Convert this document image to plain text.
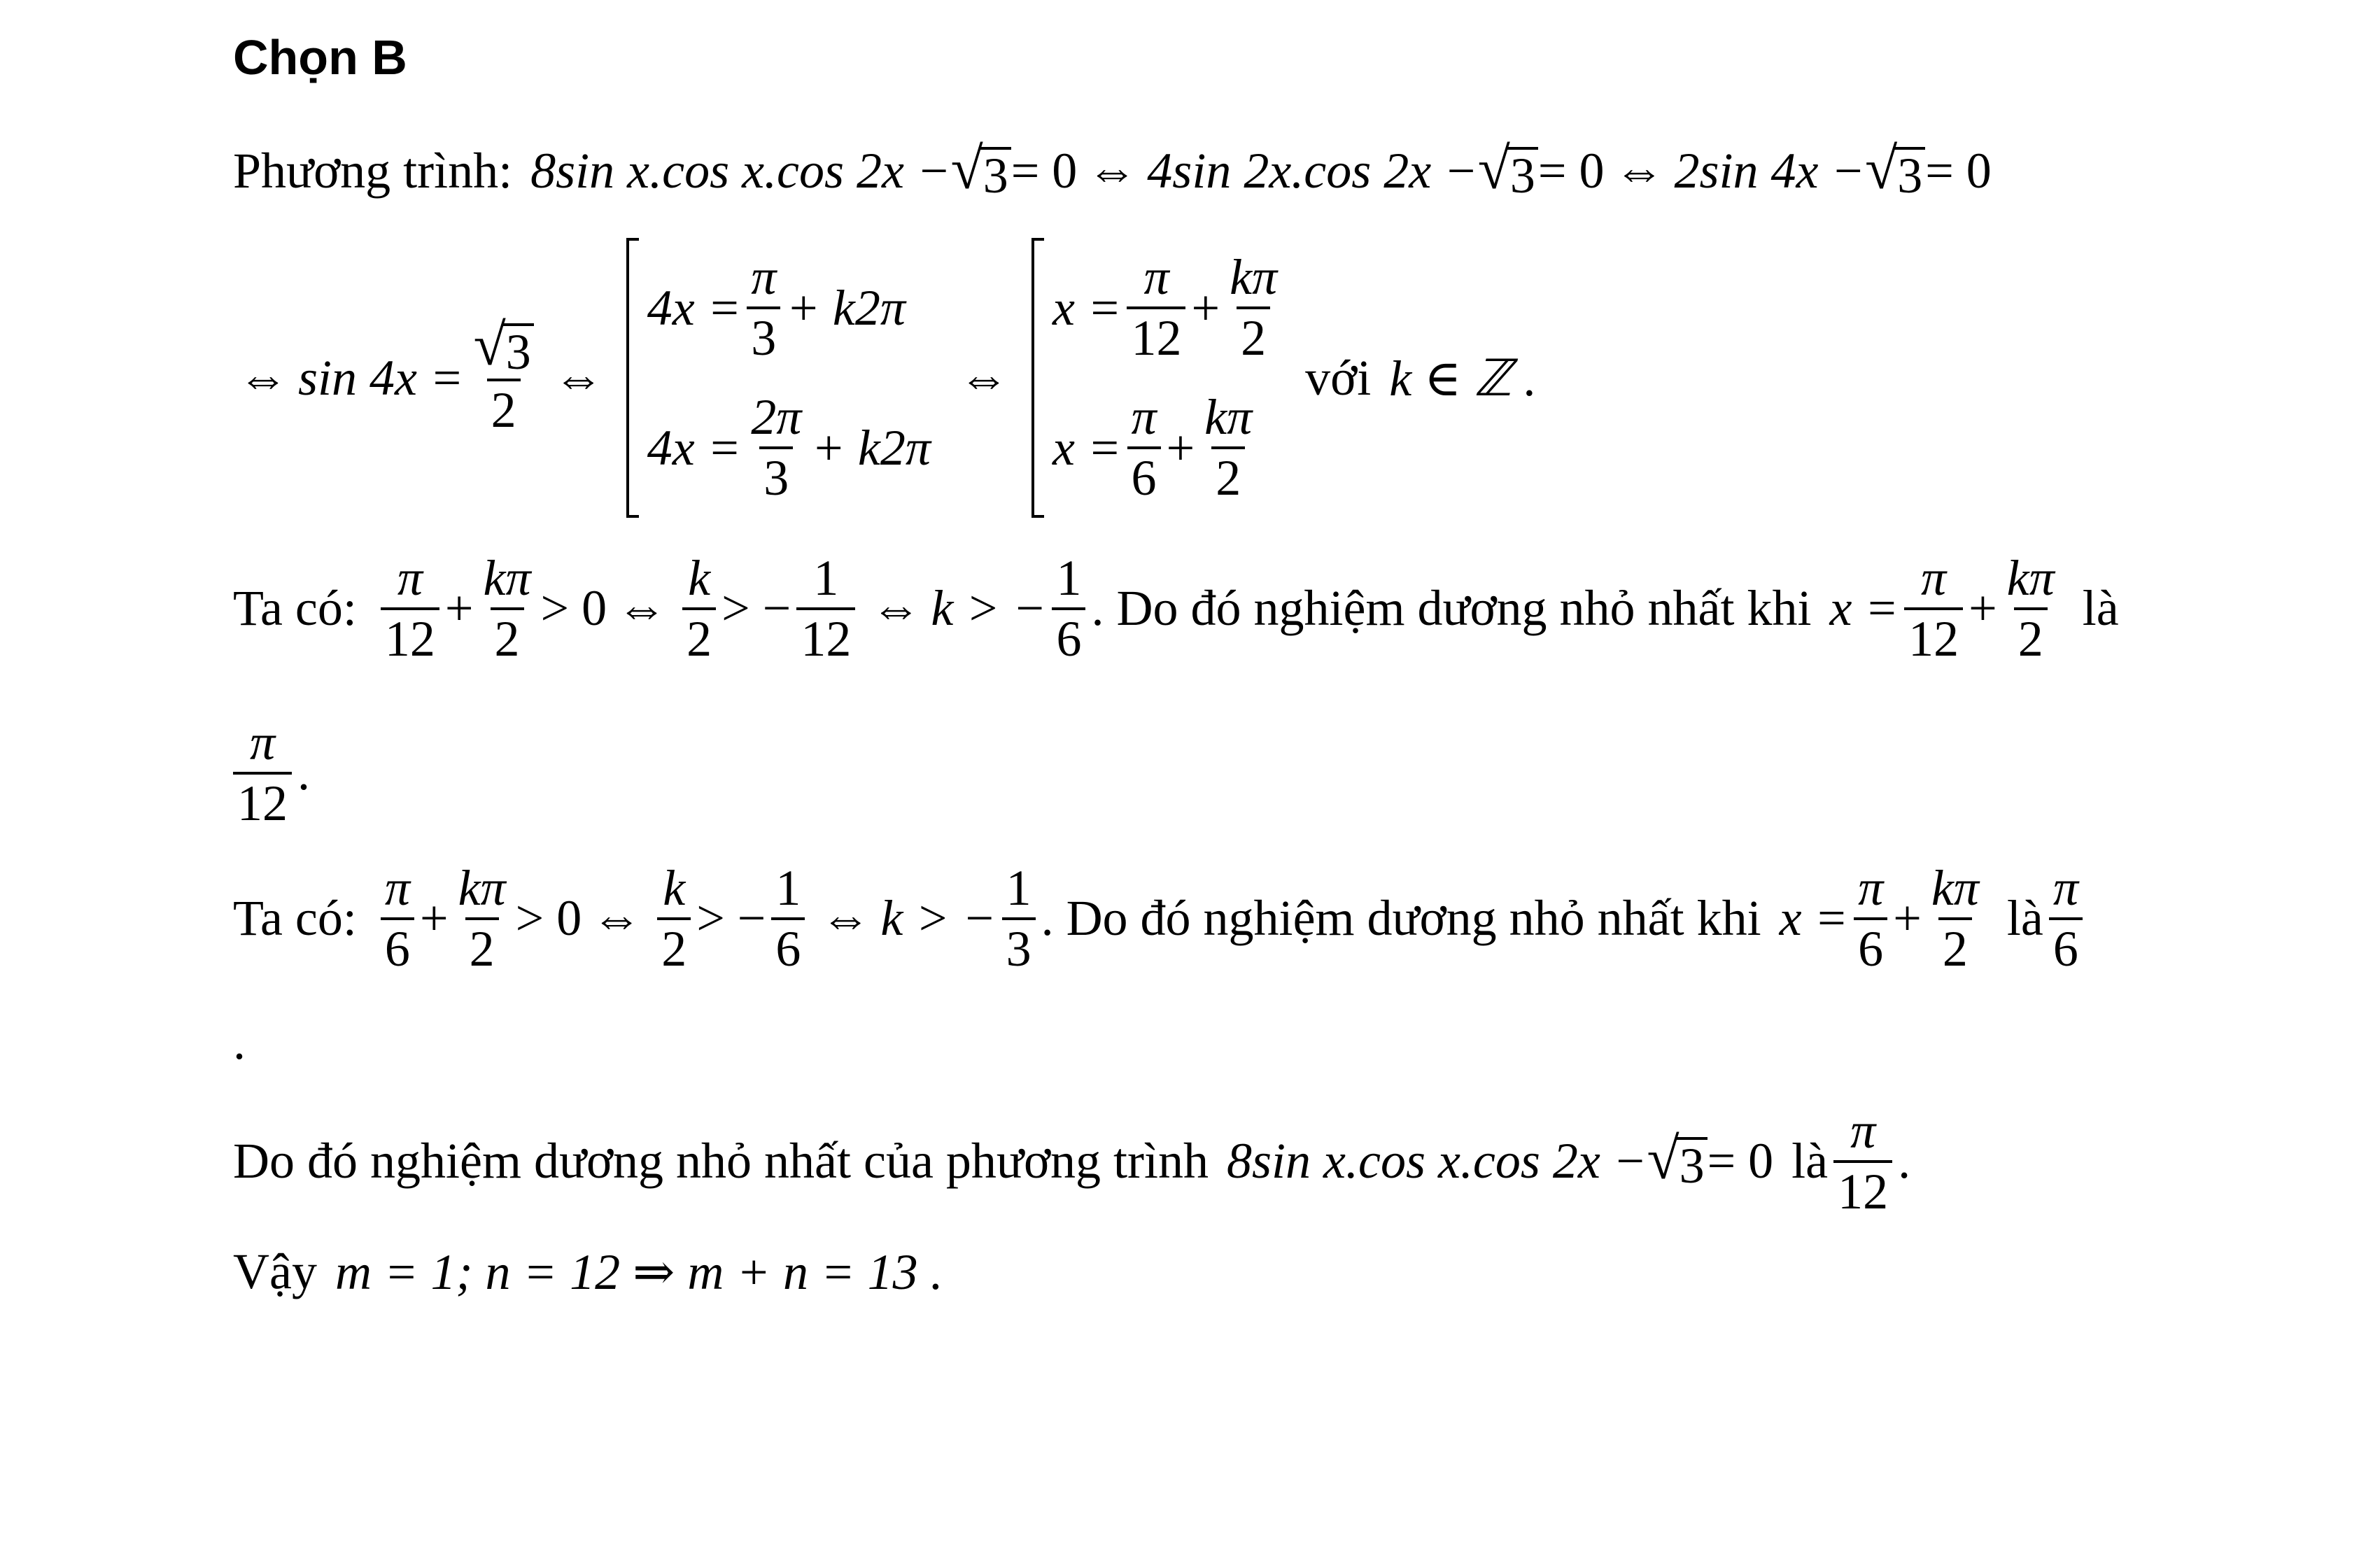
Chọn B
Phương trình: 8sin x.cos x.cos 2x − √ 3 = 0 ⇔ 4sin 2x.cos 2x − √ 3 = 0 ⇔ 2sin 4x − √ 3 = 0
⇔ $\sin 4x = \frac{√ 3}{2}$ ⇔
$4x = \frac{\pi}{3} + k2\pi$
$4x = \frac{2\pi}{3} + k2\pi$
⇔
$x = \frac{\pi}{12} + \frac{k\pi}{2}$
$x = \frac{\pi}{6} + \frac{k\pi}{2}$
với k ∈ ℤ .
Ta có: $\frac{\pi}{12} + \frac{k\pi}{2} > 0$ ⇔ $\frac{k}{2}$ > − $\frac{1}{12}$ ⇔ k > − $\frac{1}{6}$ . Do đó nghiệm dương nhỏ nhất khi $x = \frac{\pi}{12} + \frac{k\pi}{2}$ là
$\frac{\pi}{12}$ .
Ta có: $\frac{\pi}{6} + \frac{k\pi}{2} > 0$ ⇔ $\frac{k}{2}$ > − $\frac{1}{6}$ ⇔ k > − $\frac{1}{3}$ . Do đó nghiệm dương nhỏ nhất khi $x = \frac{\pi}{6} + \frac{k\pi}{2}$ là $\frac{\pi}{6}$
.
Do đó nghiệm dương nhỏ nhất của phương trình 8sin x.cos x.cos 2x − √ 3 = 0 là $\frac{\pi}{12}$ .
Vậy m = 1; n = 12 ⇒ m + n = 13 .
